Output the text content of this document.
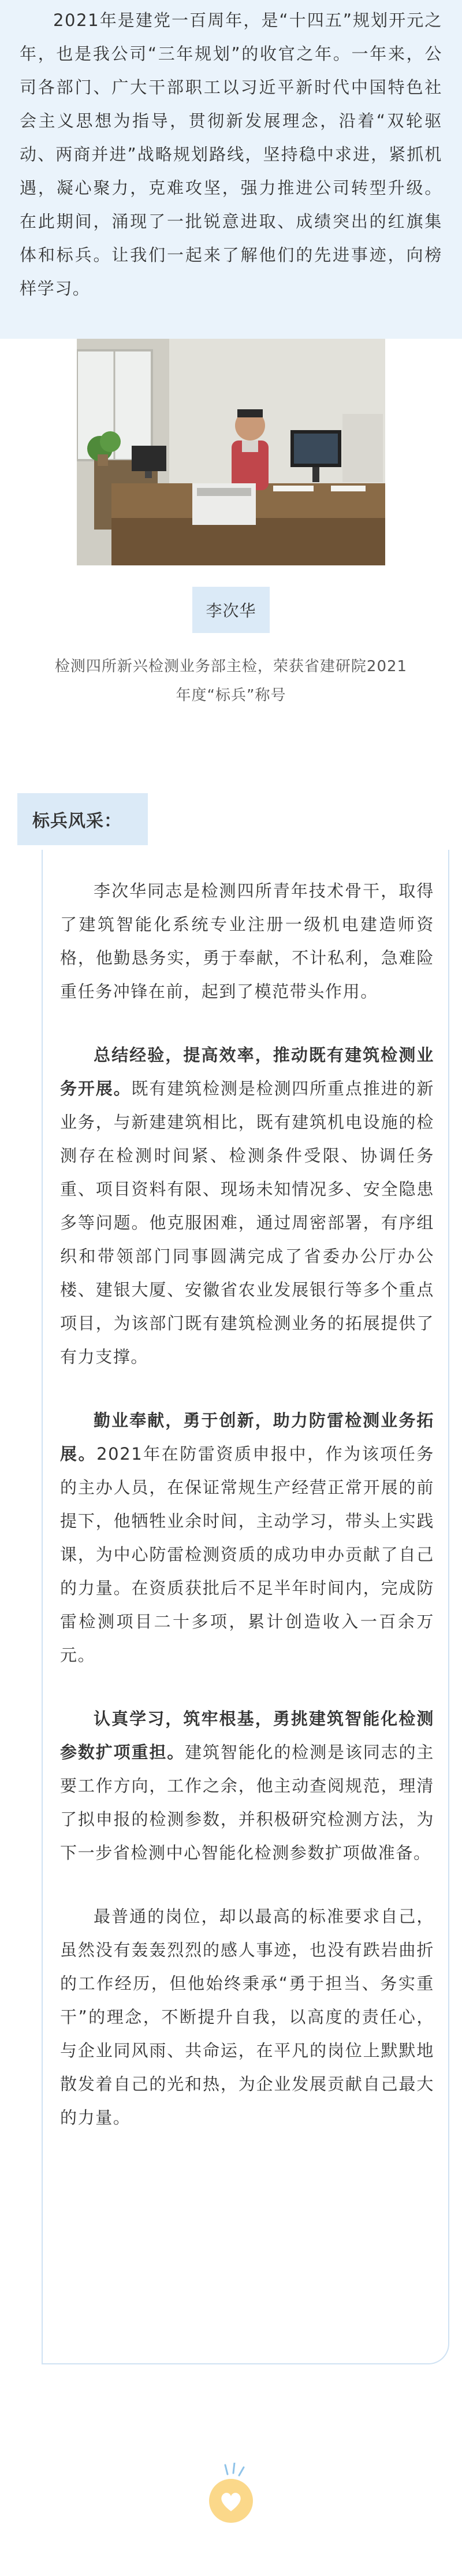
2021年是建党一百周年，是“十四五”规划开元之年，也是我公司“三年规划”的收官之年。一年来，公司各部门、广大干部职工以习近平新时代中国特色社会主义思想为指导，贯彻新发展理念，沿着“双轮驱动、两商并进”战略规划路线，坚持稳中求进，紧抓机遇，凝心聚力，克难攻坚，强力推进公司转型升级。在此期间，涌现了一批锐意进取、成绩突出的红旗集体和标兵。让我们一起来了解他们的先进事迹，向榜样学习。

李次华

检测四所新兴检测业务部主检，荣获省建研院2021年度“标兵”称号

标兵风采：

李次华同志是检测四所青年技术骨干，取得了建筑智能化系统专业注册一级机电建造师资格，他勤恳务实，勇于奉献，不计私利，急难险重任务冲锋在前，起到了模范带头作用。

总结经验，提高效率，推动既有建筑检测业务开展。既有建筑检测是检测四所重点推进的新业务，与新建建筑相比，既有建筑机电设施的检测存在检测时间紧、检测条件受限、协调任务重、项目资料有限、现场未知情况多、安全隐患多等问题。他克服困难，通过周密部署，有序组织和带领部门同事圆满完成了省委办公厅办公楼、建银大厦、安徽省农业发展银行等多个重点项目，为该部门既有建筑检测业务的拓展提供了有力支撑。

勤业奉献，勇于创新，助力防雷检测业务拓展。2021年在防雷资质申报中，作为该项任务的主办人员，在保证常规生产经营正常开展的前提下，他牺牲业余时间，主动学习，带头上实践课，为中心防雷检测资质的成功申办贡献了自己的力量。在资质获批后不足半年时间内，完成防雷检测项目二十多项，累计创造收入一百余万元。

认真学习，筑牢根基，勇挑建筑智能化检测参数扩项重担。建筑智能化的检测是该同志的主要工作方向，工作之余，他主动查阅规范，理清了拟申报的检测参数，并积极研究检测方法，为下一步省检测中心智能化检测参数扩项做准备。

最普通的岗位，却以最高的标准要求自己，虽然没有轰轰烈烈的感人事迹，也没有跌岩曲折的工作经历，但他始终秉承“勇于担当、务实重干”的理念，不断提升自我，以高度的责任心，与企业同风雨、共命运，在平凡的岗位上默默地散发着自己的光和热，为企业发展贡献自己最大的力量。
